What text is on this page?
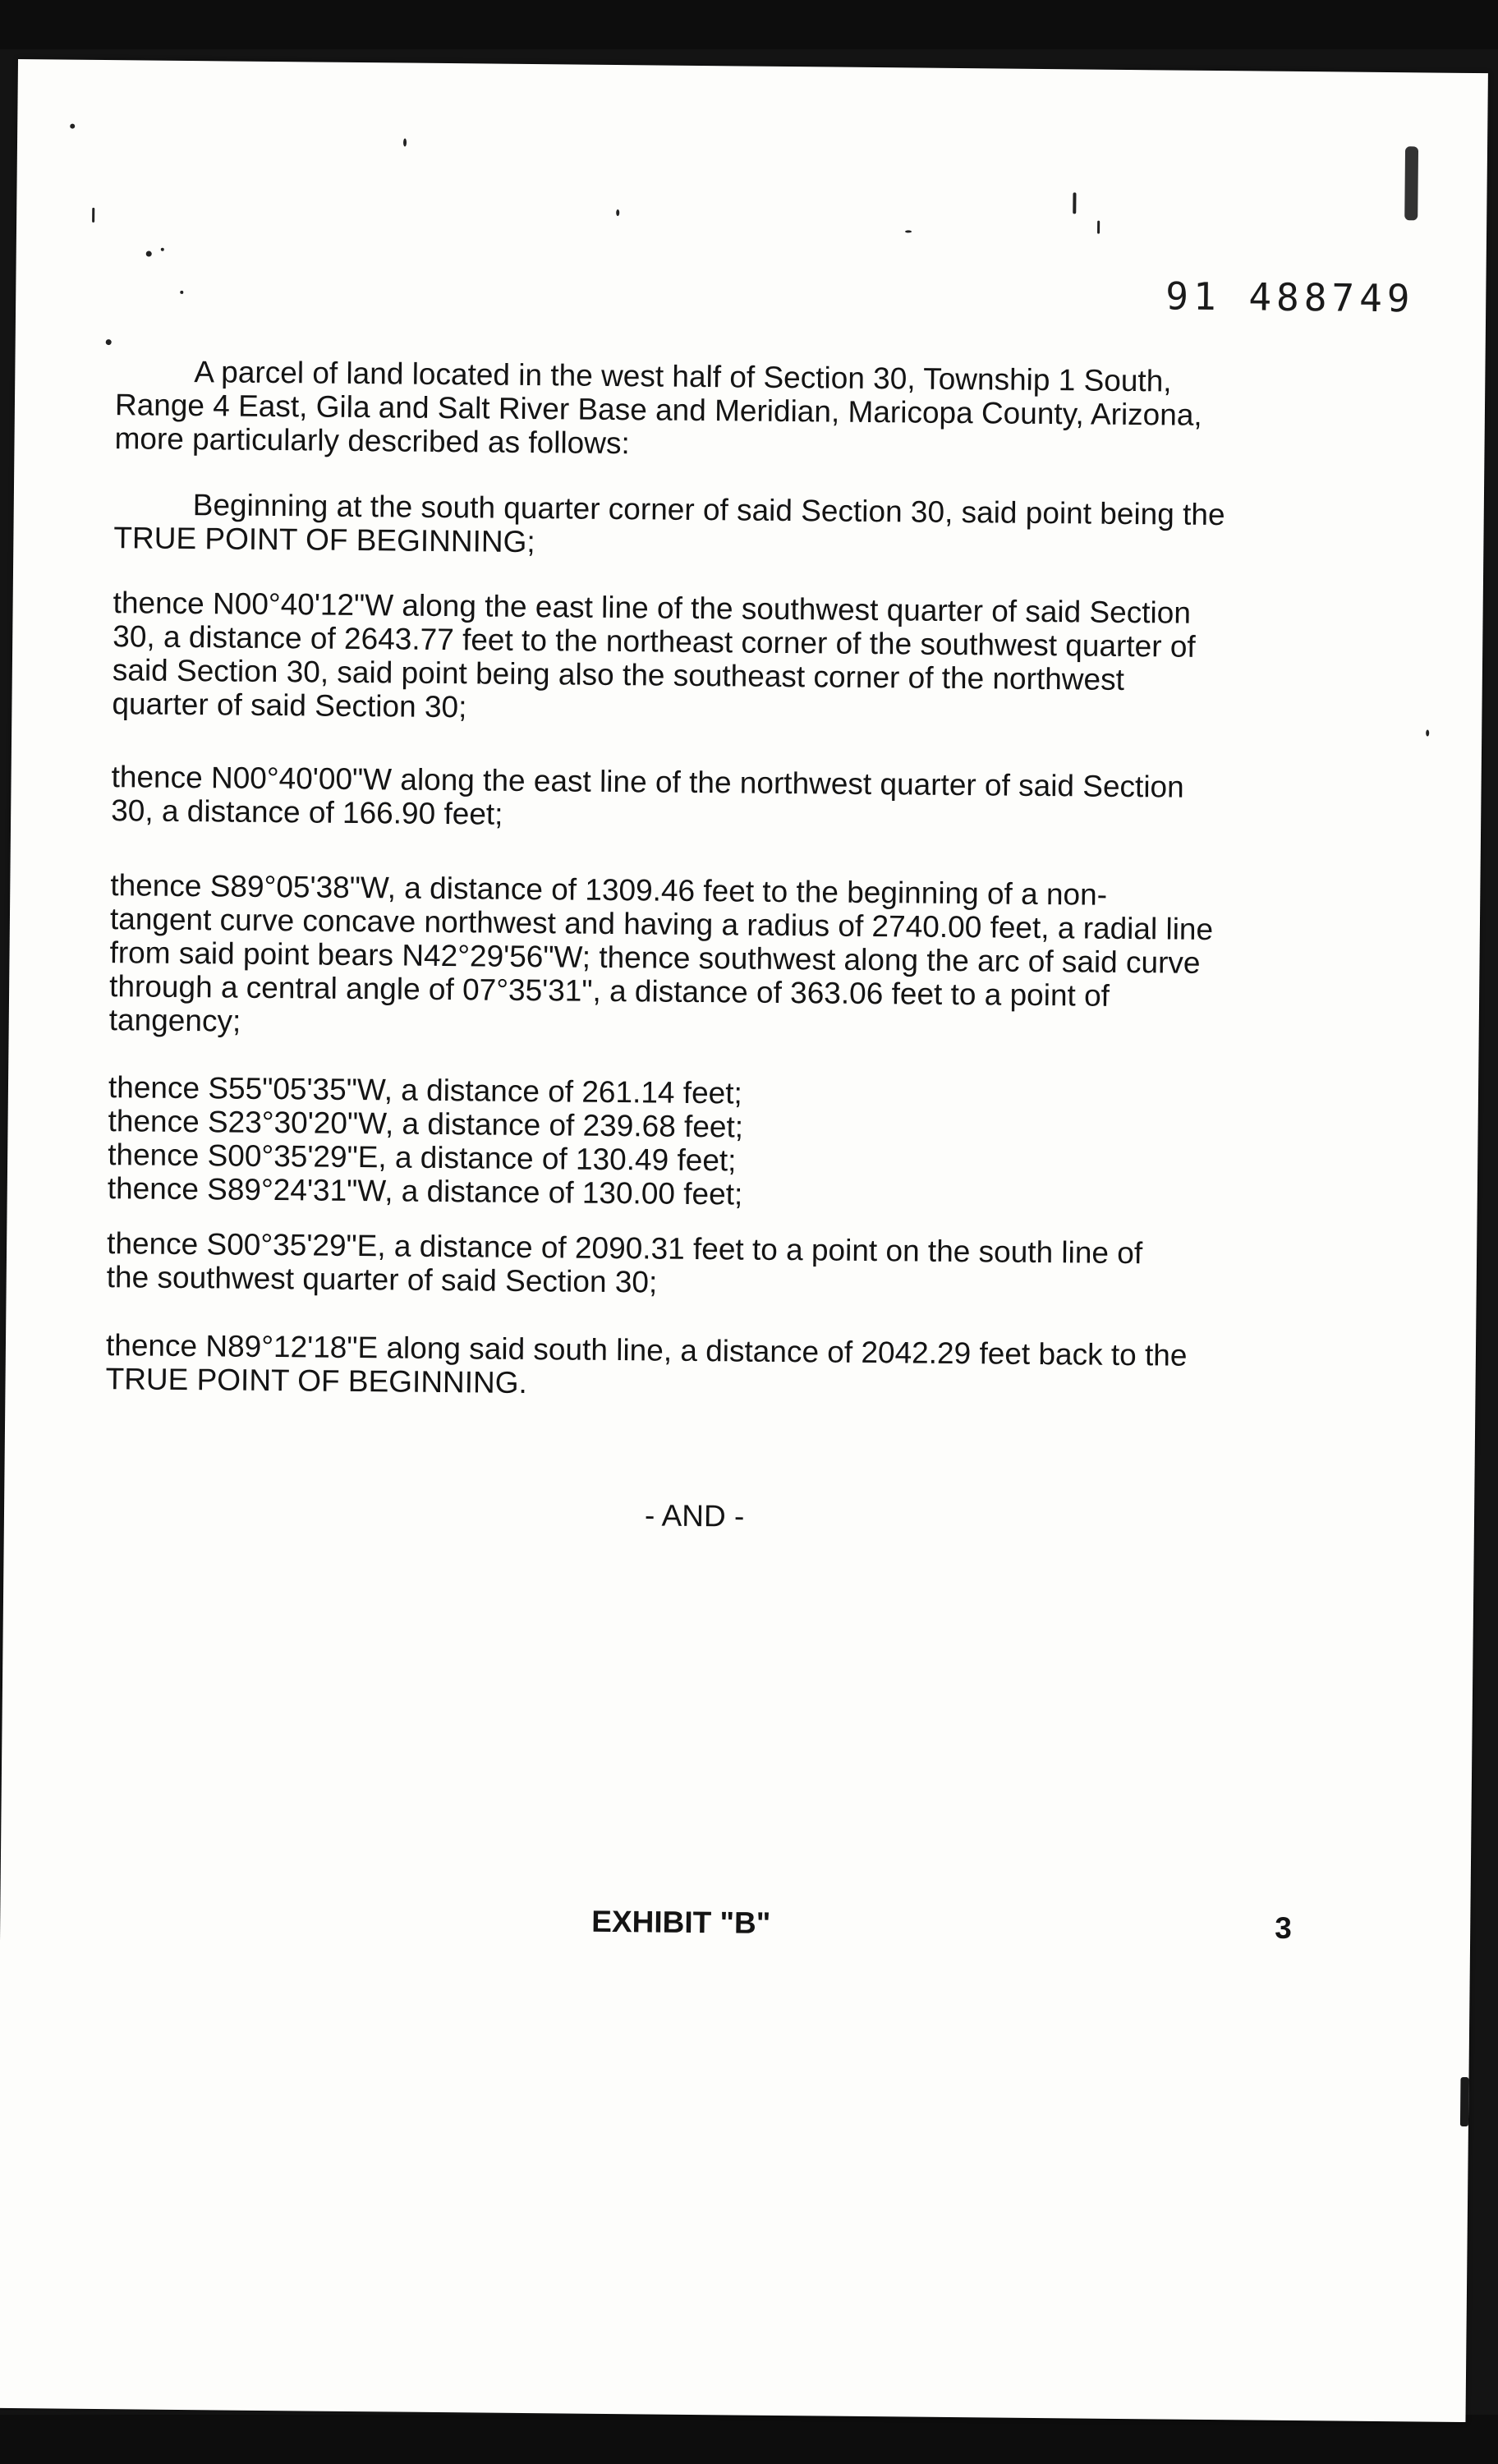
91 488749

A parcel of land located in the west half of Section 30, Township 1 South,
Range 4 East, Gila and Salt River Base and Meridian, Maricopa County, Arizona,
more particularly described as follows:

Beginning at the south quarter corner of said Section 30, said point being the
TRUE POINT OF BEGINNING;

thence N00°40'12"W along the east line of the southwest quarter of said Section
30, a distance of 2643.77 feet to the northeast corner of the southwest quarter of
said Section 30, said point being also the southeast corner of the northwest
quarter of said Section 30;

thence N00°40'00"W along the east line of the northwest quarter of said Section
30, a distance of 166.90 feet;

thence S89°05'38"W, a distance of 1309.46 feet to the beginning of a non-
tangent curve concave northwest and having a radius of 2740.00 feet, a radial line
from said point bears N42°29'56"W; thence southwest along the arc of said curve
through a central angle of 07°35'31", a distance of 363.06 feet to a point of
tangency;

thence S55"05'35"W, a distance of 261.14 feet;
thence S23°30'20"W, a distance of 239.68 feet;
thence S00°35'29"E, a distance of 130.49 feet;
thence S89°24'31"W, a distance of 130.00 feet;

thence S00°35'29"E, a distance of 2090.31 feet to a point on the south line of
the southwest quarter of said Section 30;

thence N89°12'18"E along said south line, a distance of 2042.29 feet back to the
TRUE POINT OF BEGINNING.

- AND -
EXHIBIT "B"	3
